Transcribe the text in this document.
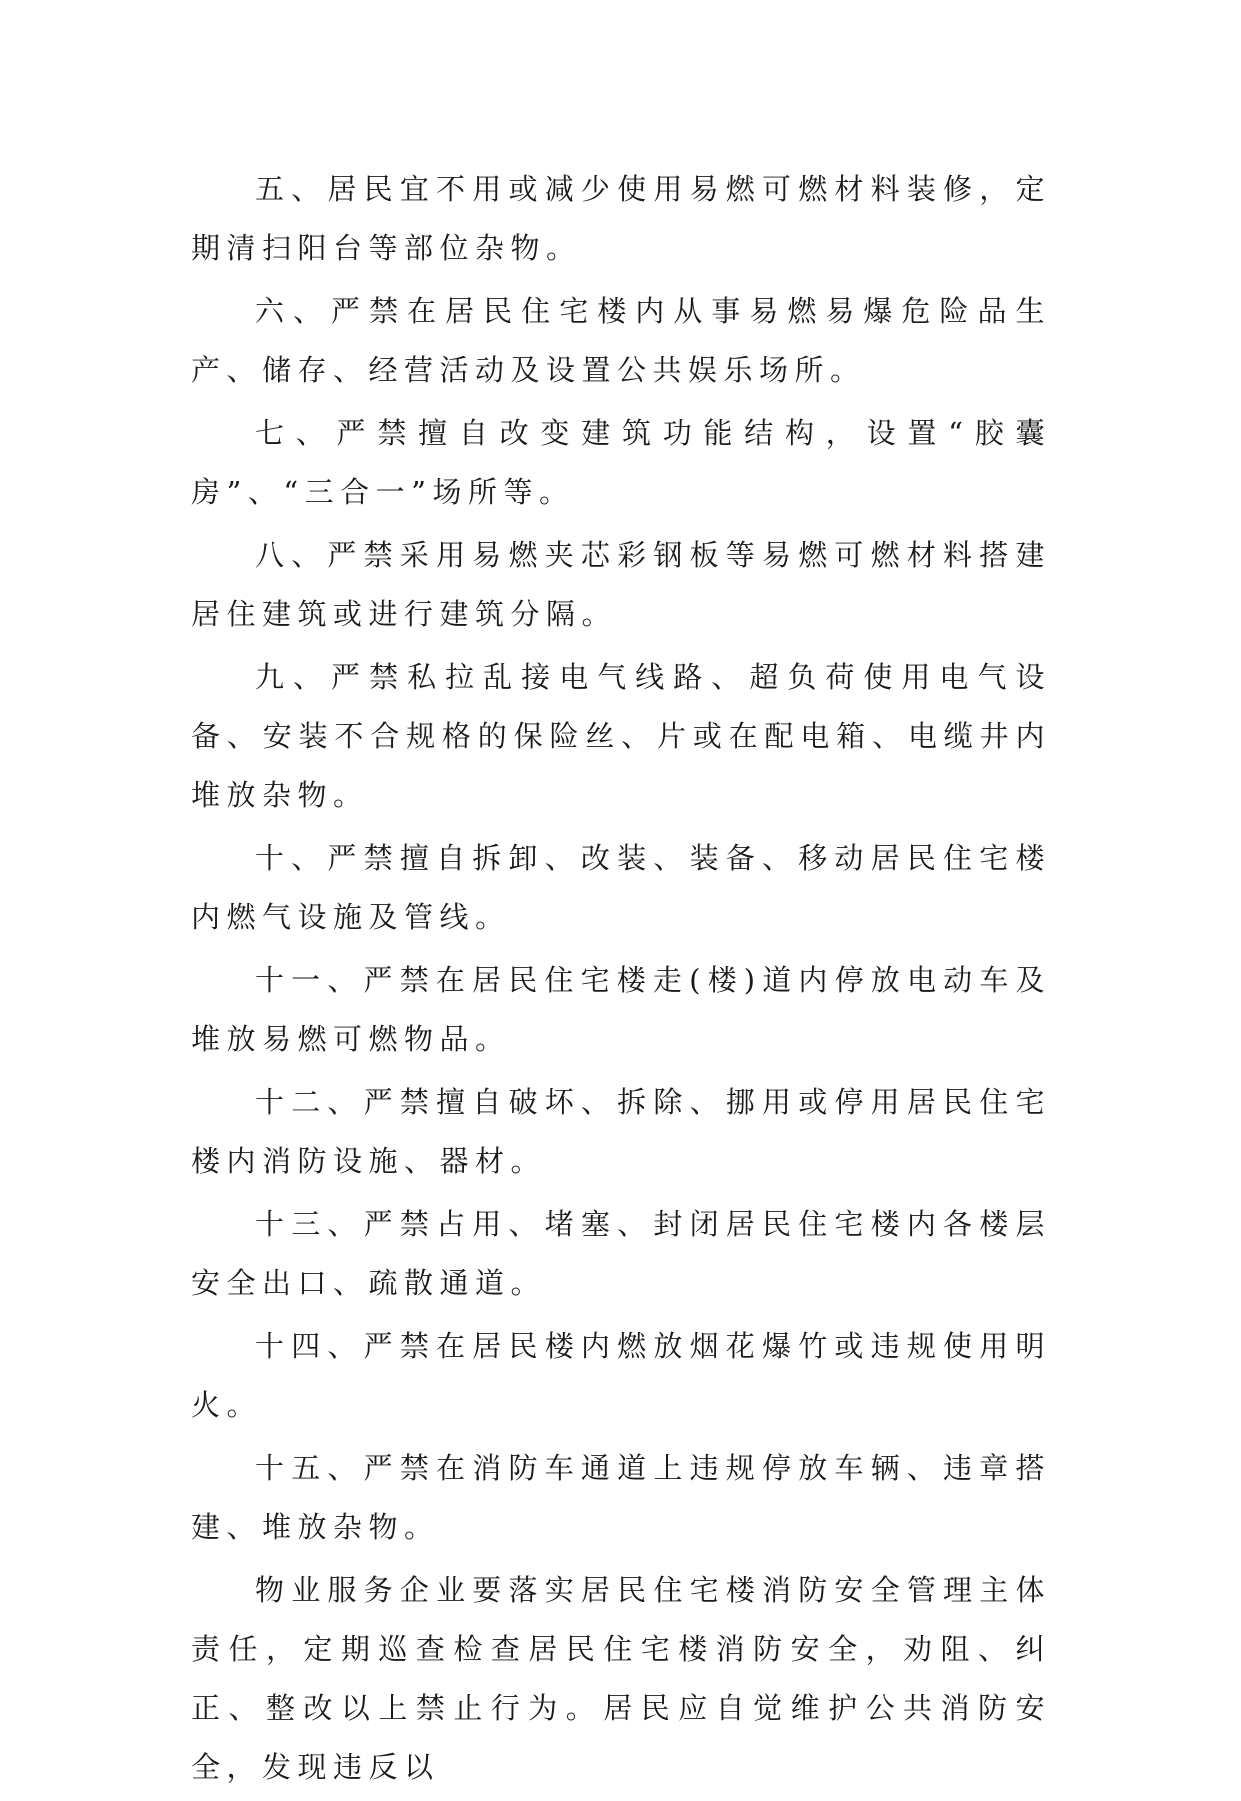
五、居民宜不用或减少使用易燃可燃材料装修，定期清扫阳台等部位杂物。

六、严禁在居民住宅楼内从事易燃易爆危险品生产、储存、经营活动及设置公共娱乐场所。

七、严禁擅自改变建筑功能结构，设置“胶囊房”、“三合一”场所等。

八、严禁采用易燃夹芯彩钢板等易燃可燃材料搭建居住建筑或进行建筑分隔。

九、严禁私拉乱接电气线路、超负荷使用电气设备、安装不合规格的保险丝、片或在配电箱、电缆井内堆放杂物。

十、严禁擅自拆卸、改装、装备、移动居民住宅楼内燃气设施及管线。

十一、严禁在居民住宅楼走(楼)道内停放电动车及堆放易燃可燃物品。

十二、严禁擅自破坏、拆除、挪用或停用居民住宅楼内消防设施、器材。

十三、严禁占用、堵塞、封闭居民住宅楼内各楼层安全出口、疏散通道。

十四、严禁在居民楼内燃放烟花爆竹或违规使用明火。

十五、严禁在消防车通道上违规停放车辆、违章搭建、堆放杂物。

物业服务企业要落实居民住宅楼消防安全管理主体责任，定期巡查检查居民住宅楼消防安全，劝阻、纠正、整改以上禁止行为。居民应自觉维护公共消防安全，发现违反以
